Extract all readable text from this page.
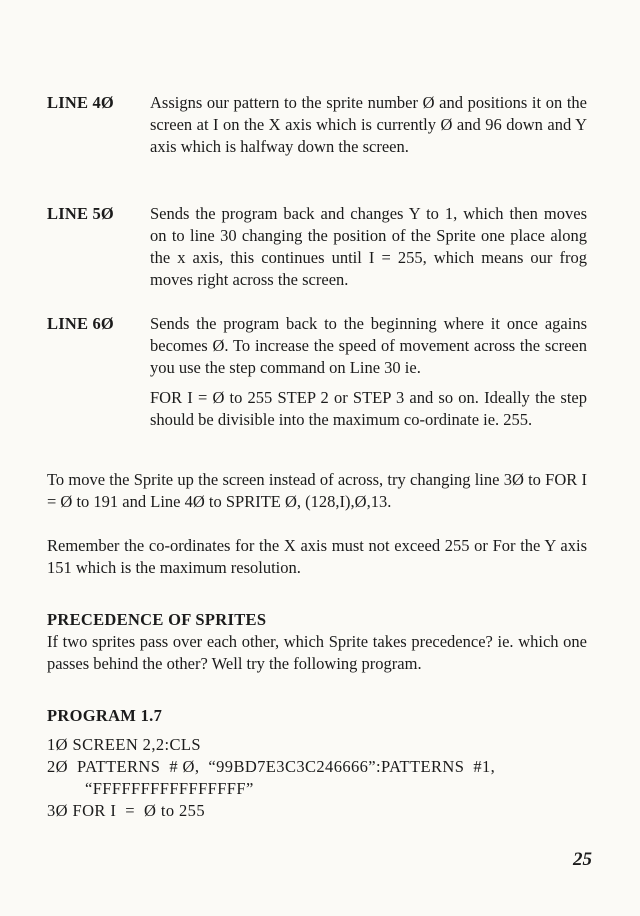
LINE 4Ø Assigns our pattern to the sprite number Ø and positions it on the screen at I on the X axis which is currently Ø and 96 down and Y axis which is halfway down the screen.

LINE 5Ø Sends the program back and changes Y to 1, which then moves on to line 30 changing the position of the Sprite one place along the x axis, this continues until I = 255, which means our frog moves right across the screen.

LINE 6Ø Sends the program back to the beginning where it once agains becomes Ø. To increase the speed of movement across the screen you use the step command on Line 30 ie.

FOR I = Ø to 255 STEP 2 or STEP 3 and so on. Ideally the step should be divisible into the maximum co-ordinate ie. 255.

To move the Sprite up the screen instead of across, try changing line 3Ø to FOR I = Ø to 191 and Line 4Ø to SPRITE Ø, (128,I),Ø,13.

Remember the co-ordinates for the X axis must not exceed 255 or For the Y axis 151 which is the maximum resolution.

PRECEDENCE OF SPRITES

If two sprites pass over each other, which Sprite takes precedence? ie. which one passes behind the other? Well try the following program.

PROGRAM 1.7
1Ø SCREEN 2,2:CLS
2Ø  PATTERNS  # Ø,  “99BD7E3C3C246666”:PATTERNS  #1,
“FFFFFFFFFFFFFFFF”
3Ø FOR I  =  Ø to 255
25
